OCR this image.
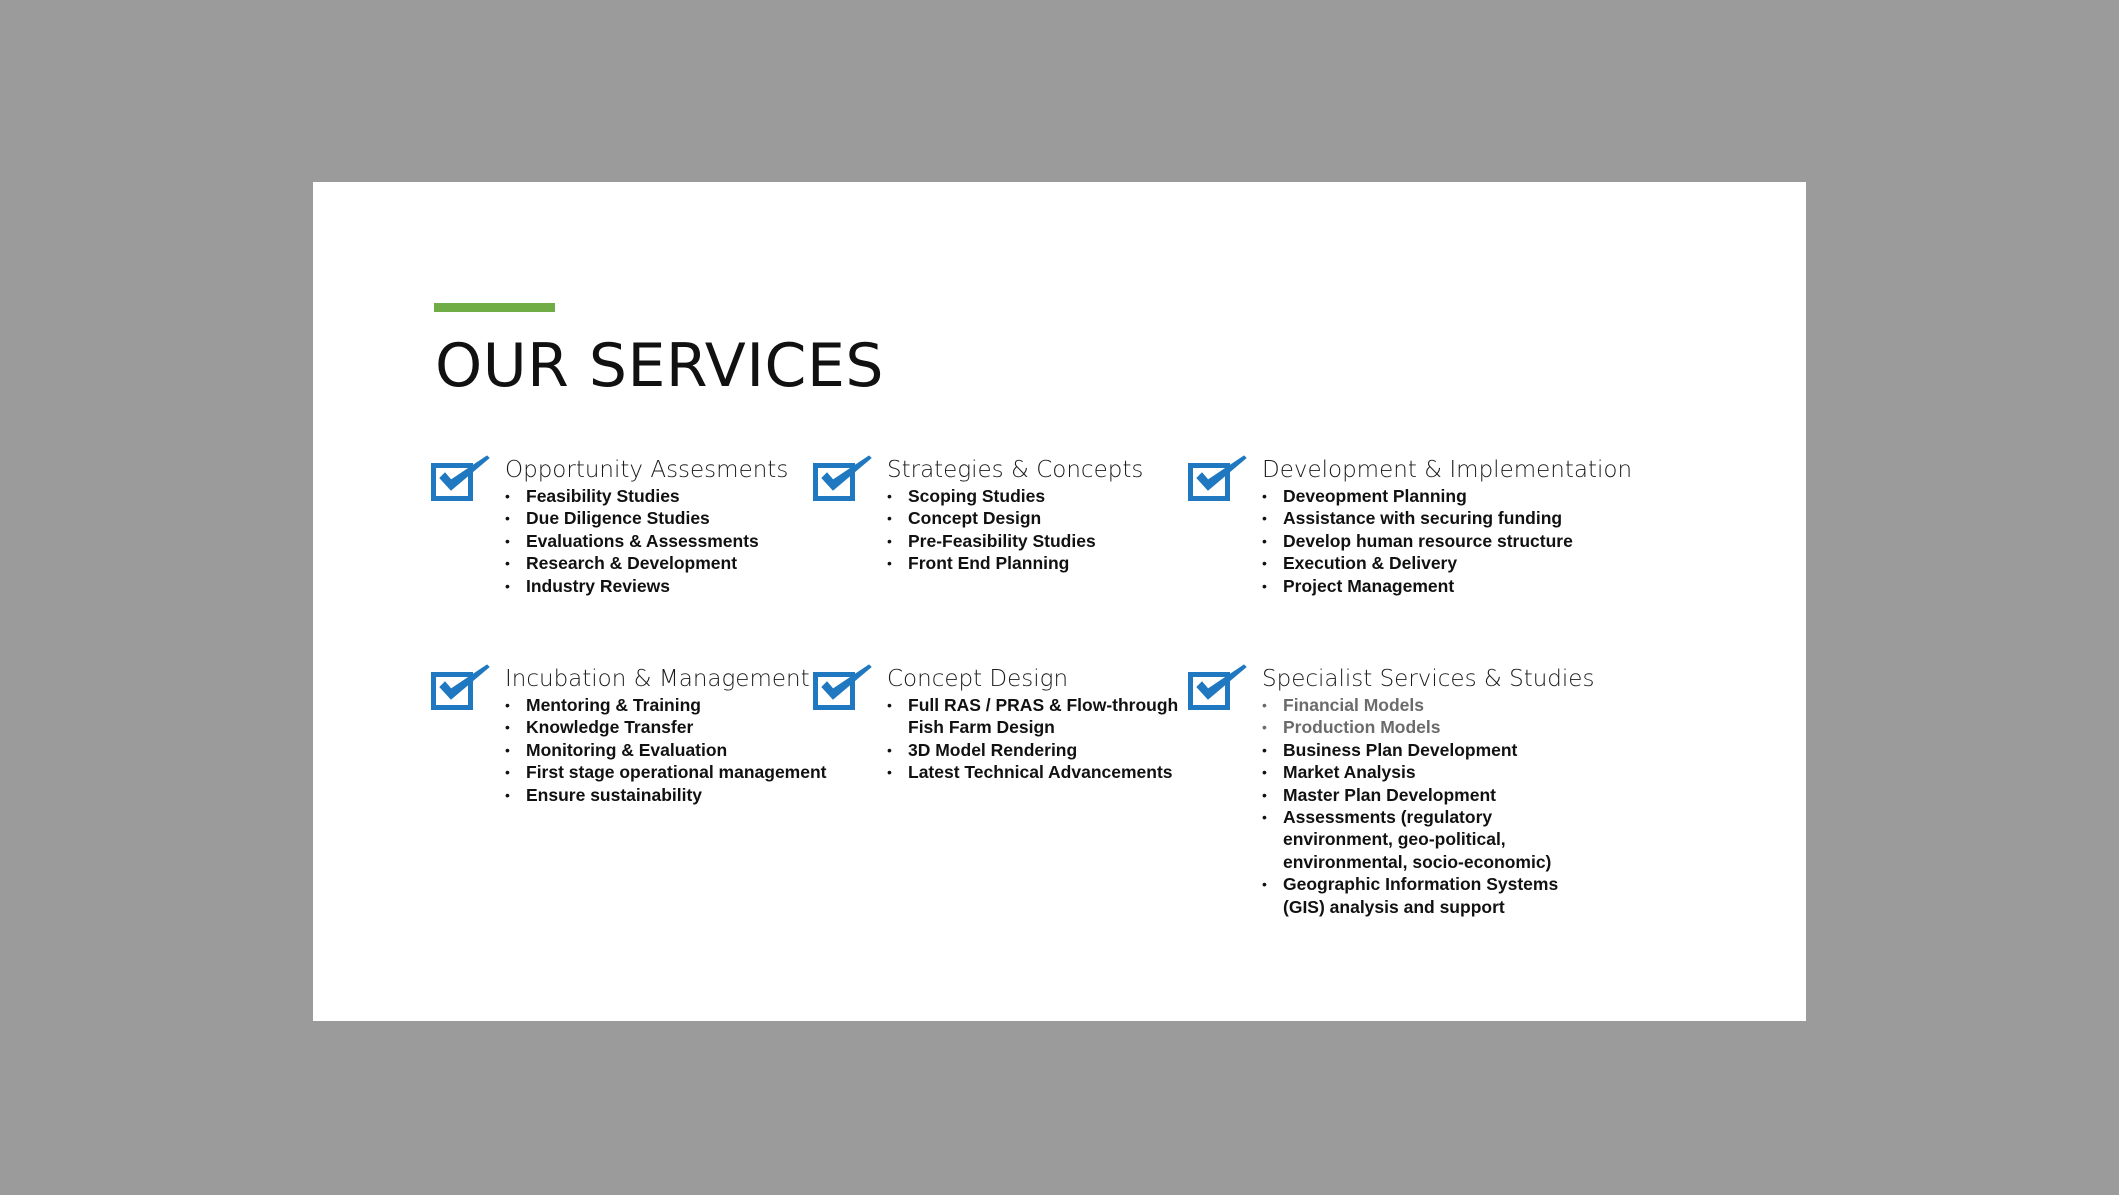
OUR SERVICES
Opportunity Assesments
• Feasibility Studies
• Due Diligence Studies
• Evaluations & Assessments
• Research & Development
• Industry Reviews
Strategies & Concepts
• Scoping Studies
• Concept Design
• Pre-Feasibility Studies
• Front End Planning
Development & Implementation
• Deveopment Planning
• Assistance with securing funding
• Develop human resource structure
• Execution & Delivery
• Project Management
Incubation & Management
• Mentoring & Training
• Knowledge Transfer
• Monitoring & Evaluation
• First stage operational management
• Ensure sustainability
Concept Design
• Full RAS / PRAS & Flow-through
Fish Farm Design
• 3D Model Rendering
• Latest Technical Advancements
Specialist Services & Studies
• Financial Models
• Production Models
• Business Plan Development
• Market Analysis
• Master Plan Development
• Assessments (regulatory
environment, geo-political,
environmental, socio-economic)
• Geographic Information Systems
(GIS) analysis and support
